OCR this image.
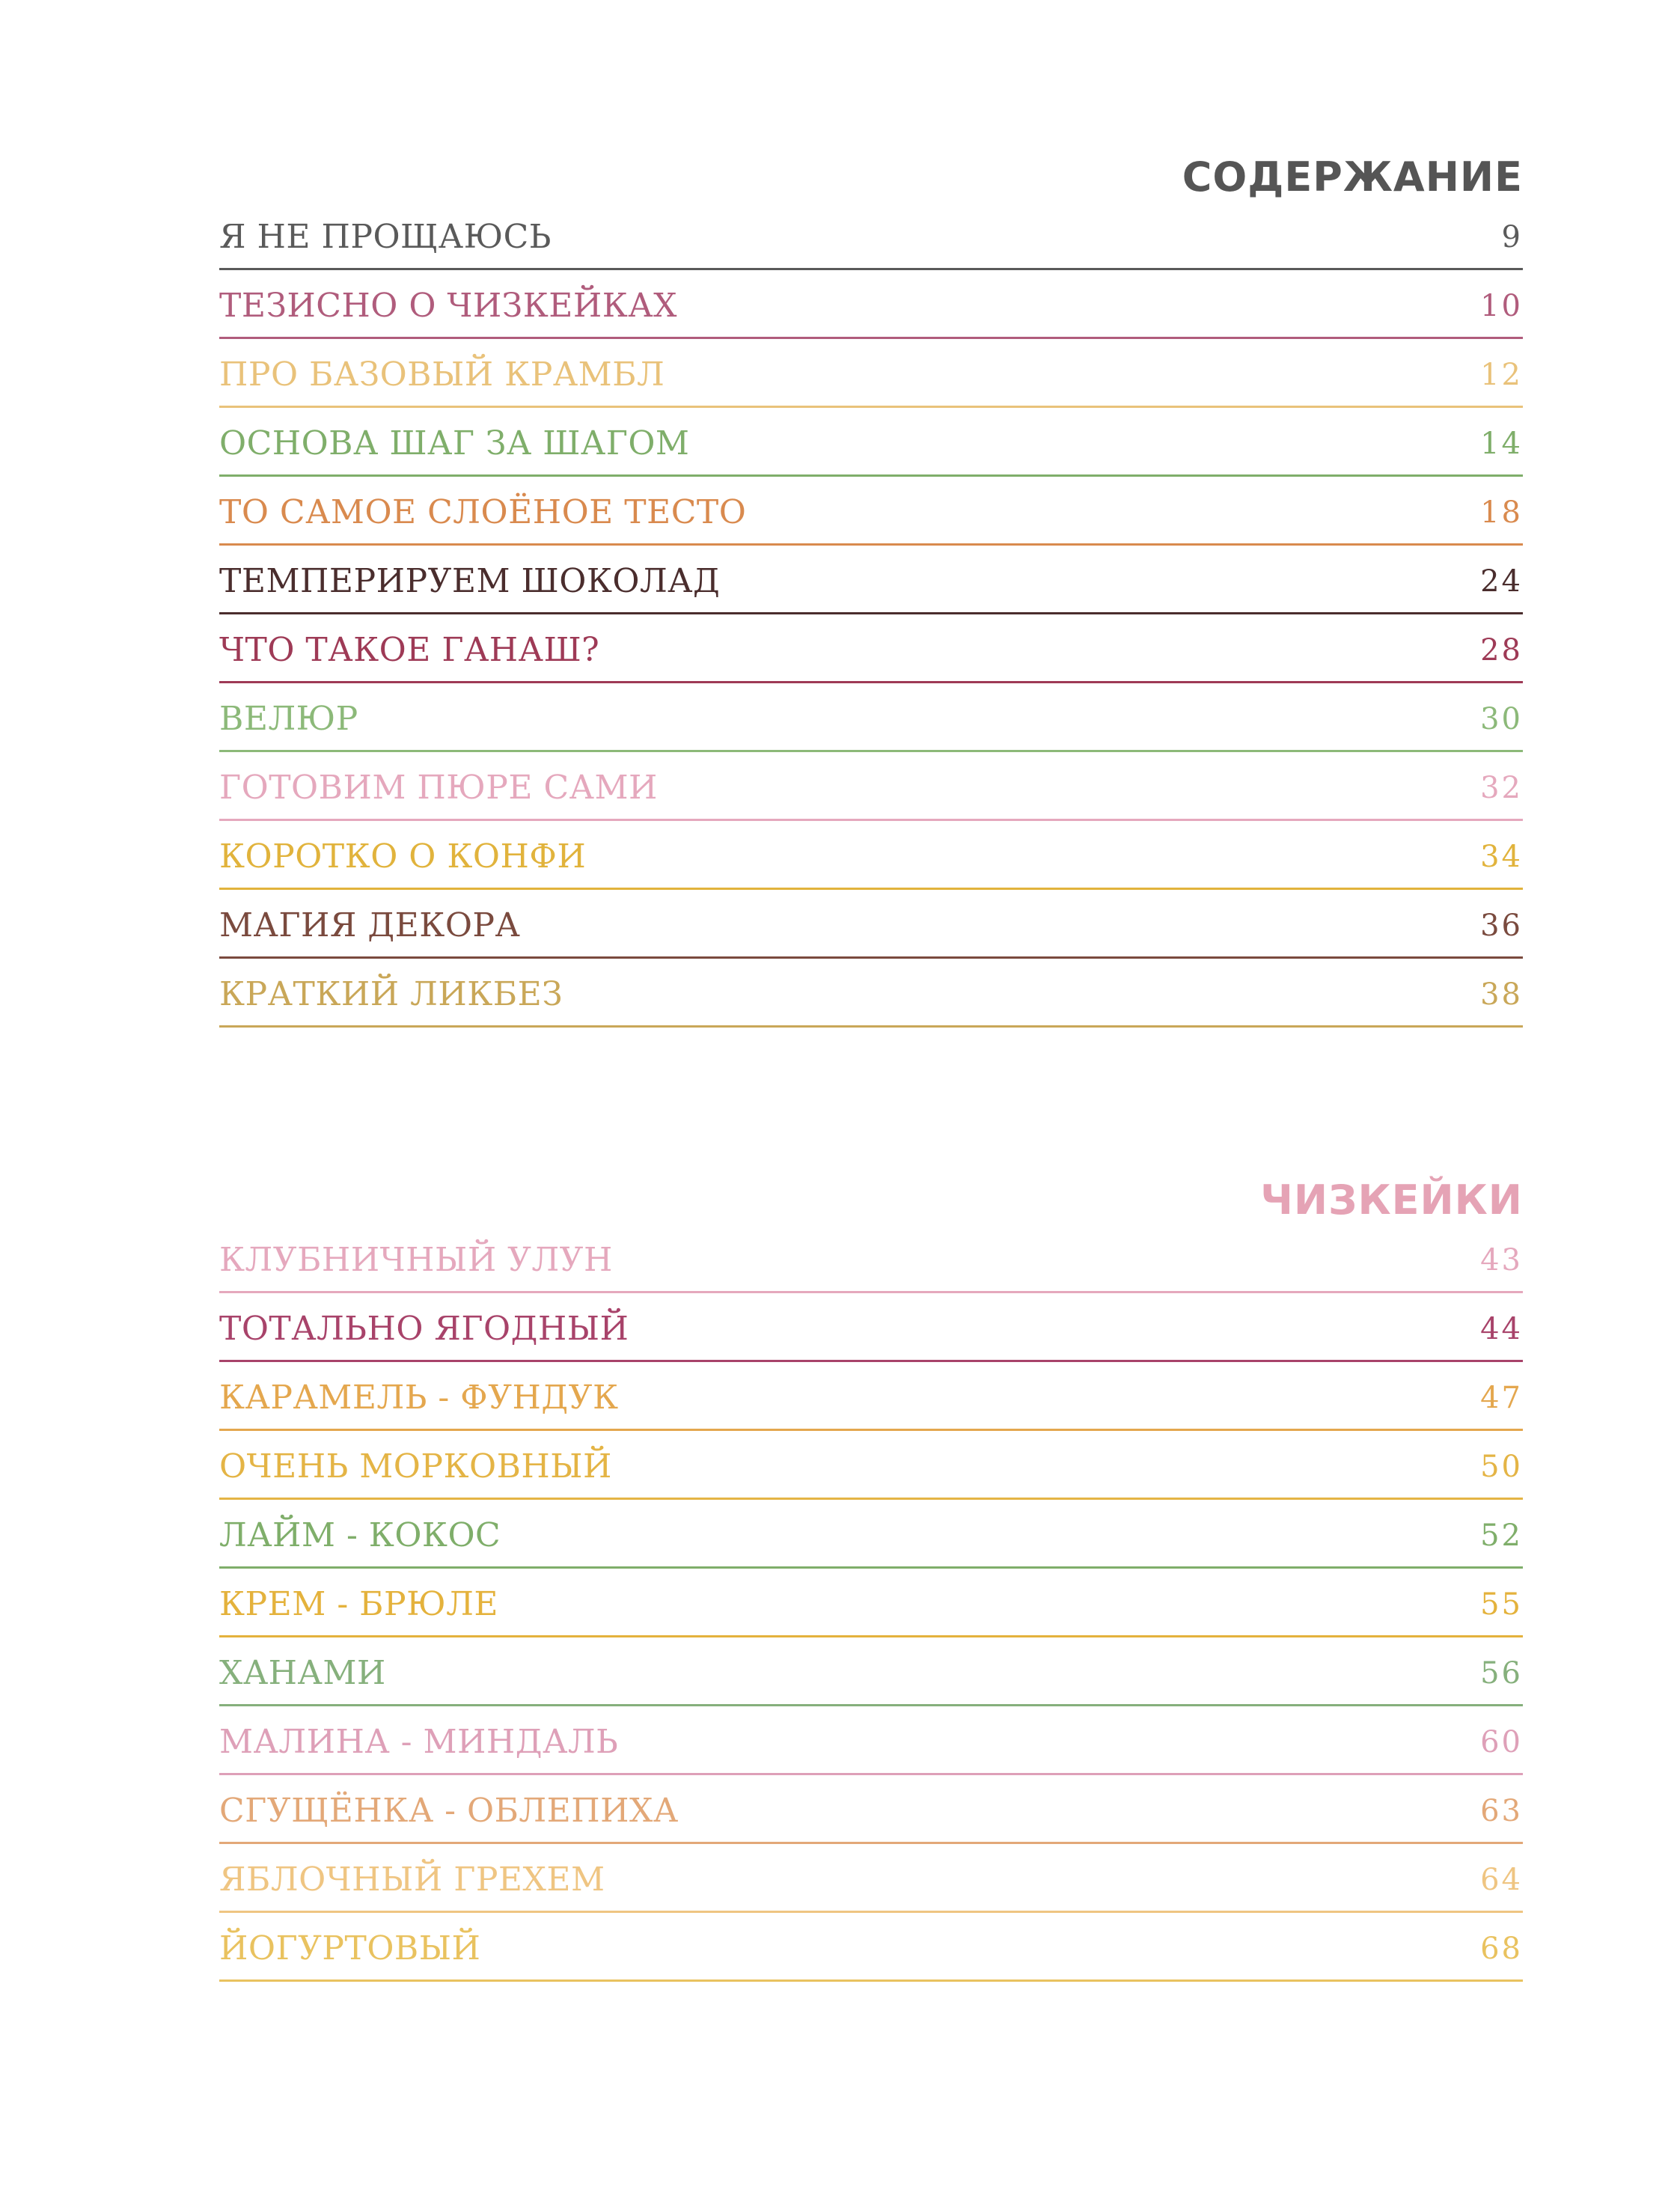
СОДЕРЖАНИЕ
Я НЕ ПРОЩАЮСЬ	9
ТЕЗИСНО О ЧИЗКЕЙКАХ	10
ПРО БАЗОВЫЙ КРАМБЛ	12
ОСНОВА ШАГ ЗА ШАГОМ	14
ТО САМОЕ СЛОЁНОЕ ТЕСТО	18
ТЕМПЕРИРУЕМ ШОКОЛАД	24
ЧТО ТАКОЕ ГАНАШ?	28
ВЕЛЮР	30
ГОТОВИМ ПЮРЕ САМИ	32
КОРОТКО О КОНФИ	34
МАГИЯ ДЕКОРА	36
КРАТКИЙ ЛИКБЕЗ	38
ЧИЗКЕЙКИ
КЛУБНИЧНЫЙ УЛУН	43
ТОТАЛЬНО ЯГОДНЫЙ	44
КАРАМЕЛЬ - ФУНДУК	47
ОЧЕНЬ МОРКОВНЫЙ	50
ЛАЙМ - КОКОС	52
КРЕМ - БРЮЛЕ	55
ХАНАМИ	56
МАЛИНА - МИНДАЛЬ	60
СГУЩЁНКА - ОБЛЕПИХА	63
ЯБЛОЧНЫЙ ГРЕХЕМ	64
ЙОГУРТОВЫЙ	68
